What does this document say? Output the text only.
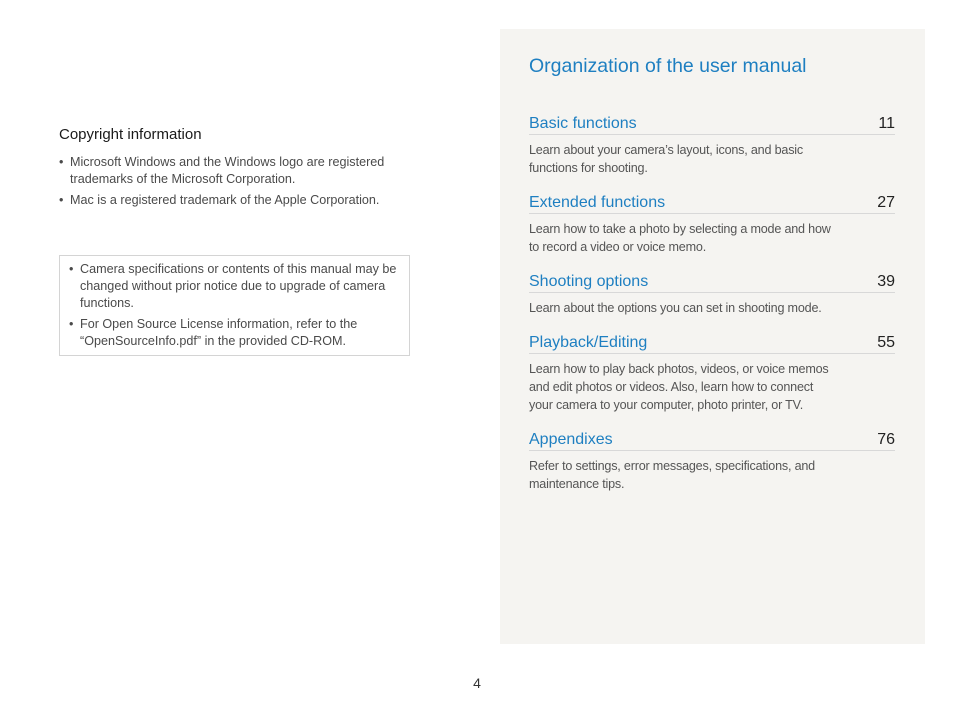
Copyright information
• Microsoft Windows and the Windows logo are registered trademarks of the Microsoft Corporation.
• Mac is a registered trademark of the Apple Corporation.
• Camera specifications or contents of this manual may be changed without prior notice due to upgrade of camera functions.
• For Open Source License information, refer to the “OpenSourceInfo.pdf” in the provided CD-ROM.
Organization of the user manual
Basic functions	11
Learn about your camera’s layout, icons, and basic functions for shooting.
Extended functions	27
Learn how to take a photo by selecting a mode and how to record a video or voice memo.
Shooting options	39
Learn about the options you can set in shooting mode.
Playback/Editing	55
Learn how to play back photos, videos, or voice memos and edit photos or videos. Also, learn how to connect your camera to your computer, photo printer, or TV.
Appendixes	76
Refer to settings, error messages, specifications, and maintenance tips.
4
